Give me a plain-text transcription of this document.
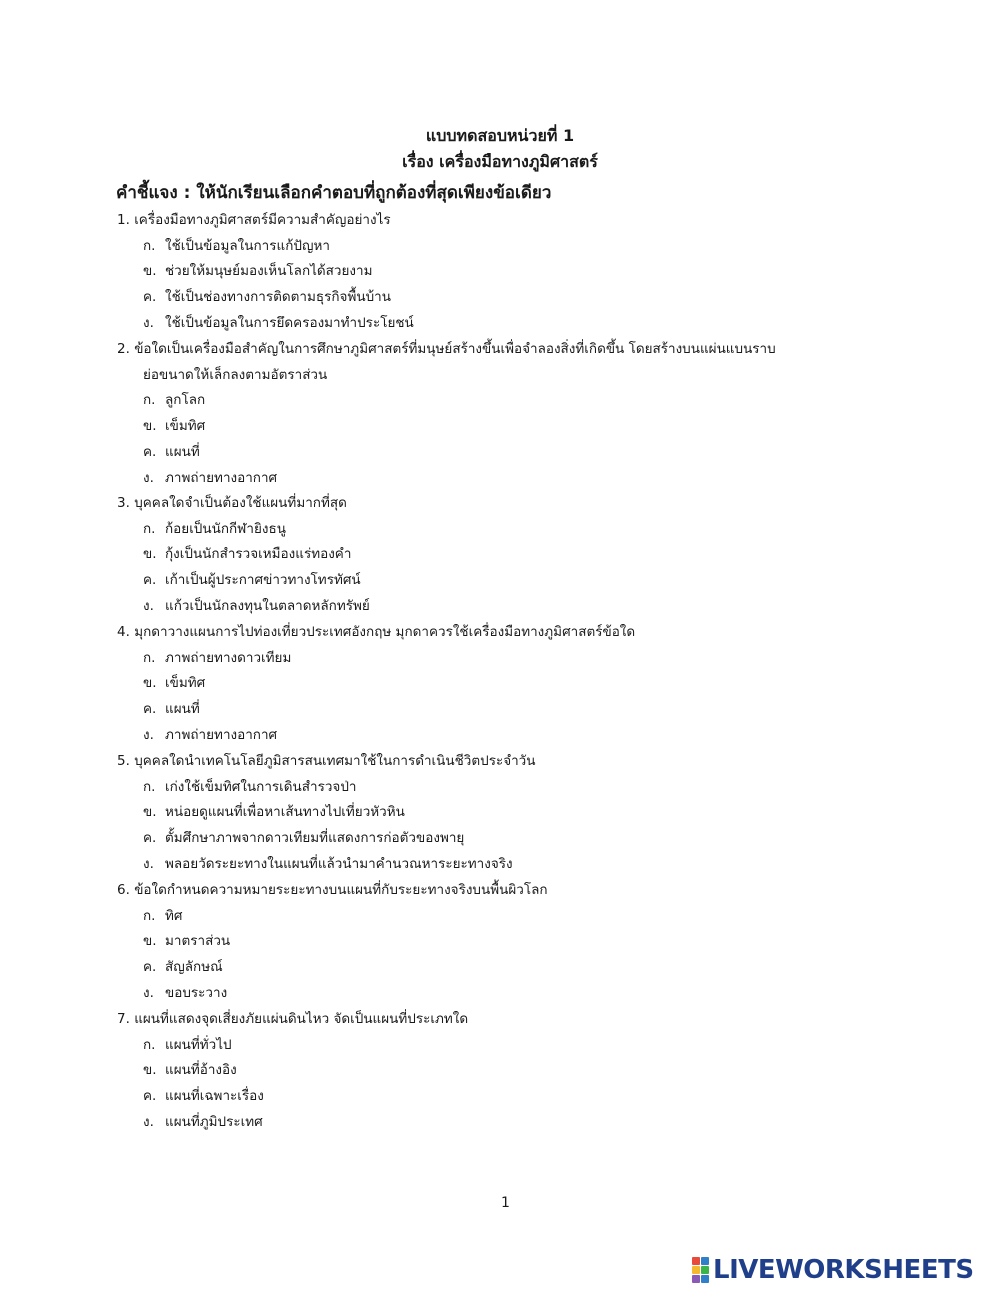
แบบทดสอบหน่วยที่ 1
เรื่อง เครื่องมือทางภูมิศาสตร์
คำชี้แจง : ให้นักเรียนเลือกคำตอบที่ถูกต้องที่สุดเพียงข้อเดียว
1. เครื่องมือทางภูมิศาสตร์มีความสำคัญอย่างไร
ก. ใช้เป็นข้อมูลในการแก้ปัญหา
ข. ช่วยให้มนุษย์มองเห็นโลกได้สวยงาม
ค. ใช้เป็นช่องทางการติดตามธุรกิจพื้นบ้าน
ง. ใช้เป็นข้อมูลในการยึดครองมาทำประโยชน์
2. ข้อใดเป็นเครื่องมือสำคัญในการศึกษาภูมิศาสตร์ที่มนุษย์สร้างขึ้นเพื่อจำลองสิ่งที่เกิดขึ้น โดยสร้างบนแผ่นแบนราบ
ย่อขนาดให้เล็กลงตามอัตราส่วน
ก. ลูกโลก
ข. เข็มทิศ
ค. แผนที่
ง. ภาพถ่ายทางอากาศ
3. บุคคลใดจำเป็นต้องใช้แผนที่มากที่สุด
ก. ก้อยเป็นนักกีฬายิงธนู
ข. กุ้งเป็นนักสำรวจเหมืองแร่ทองคำ
ค. เก้าเป็นผู้ประกาศข่าวทางโทรทัศน์
ง. แก้วเป็นนักลงทุนในตลาดหลักทรัพย์
4. มุกดาวางแผนการไปท่องเที่ยวประเทศอังกฤษ มุกดาควรใช้เครื่องมือทางภูมิศาสตร์ข้อใด
ก. ภาพถ่ายทางดาวเทียม
ข. เข็มทิศ
ค. แผนที่
ง. ภาพถ่ายทางอากาศ
5. บุคคลใดนำเทคโนโลยีภูมิสารสนเทศมาใช้ในการดำเนินชีวิตประจำวัน
ก. เก่งใช้เข็มทิศในการเดินสำรวจป่า
ข. หน่อยดูแผนที่เพื่อหาเส้นทางไปเที่ยวหัวหิน
ค. ตั้มศึกษาภาพจากดาวเทียมที่แสดงการก่อตัวของพายุ
ง. พลอยวัดระยะทางในแผนที่แล้วนำมาคำนวณหาระยะทางจริง
6. ข้อใดกำหนดความหมายระยะทางบนแผนที่กับระยะทางจริงบนพื้นผิวโลก
ก. ทิศ
ข. มาตราส่วน
ค. สัญลักษณ์
ง. ขอบระวาง
7. แผนที่แสดงจุดเสี่ยงภัยแผ่นดินไหว จัดเป็นแผนที่ประเภทใด
ก. แผนที่ทั่วไป
ข. แผนที่อ้างอิง
ค. แผนที่เฉพาะเรื่อง
ง. แผนที่ภูมิประเทศ
1
LIVEWORKSHEETS
